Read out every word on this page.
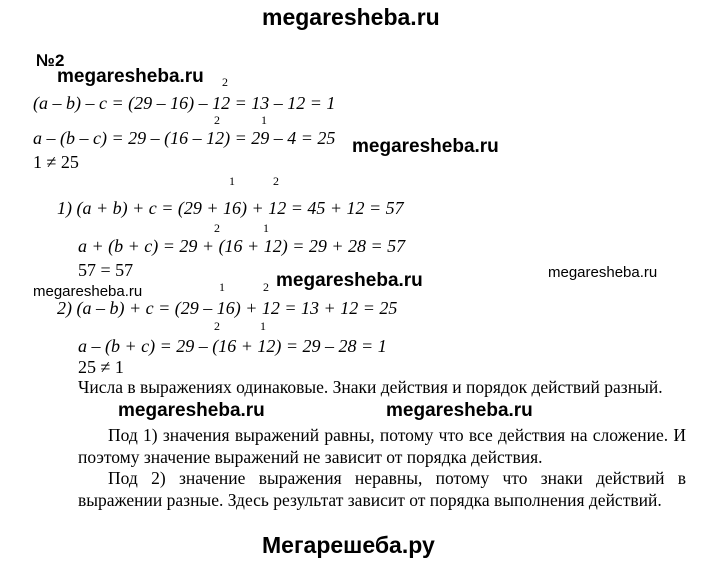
megaresheba.ru
№2
megaresheba.ru 2
(a – b) – c = (29 – 16) – 12 = 13 – 12 = 1
2	1
a – (b – c) = 29 – (16 – 12) = 29 – 4 = 25 megaresheba.ru
1 ≠ 25
1	2
1) (a + b) + c = (29 + 16) + 12 = 45 + 12 = 57
2	1
a + (b + c) = 29 + (16 + 12) = 29 + 28 = 57
57 = 57	megaresheba.ru	megaresheba.ru
1	2
megaresheba.ru
2) (a – b) + c = (29 – 16) + 12 = 13 + 12 = 25
2	1
a – (b + c) = 29 – (16 + 12) = 29 – 28 = 1
25 ≠ 1
Числа в выражениях одинаковые. Знаки действия и порядок действий разный.
megaresheba.ru	megaresheba.ru
Под 1) значения выражений равны, потому что все действия на сложение. И поэтому значение выражений не зависит от порядка действия.
Под 2) значение выражения неравны, потому что знаки действий в выражении разные. Здесь результат зависит от порядка выполнения действий.
Мегарешеба.ру
